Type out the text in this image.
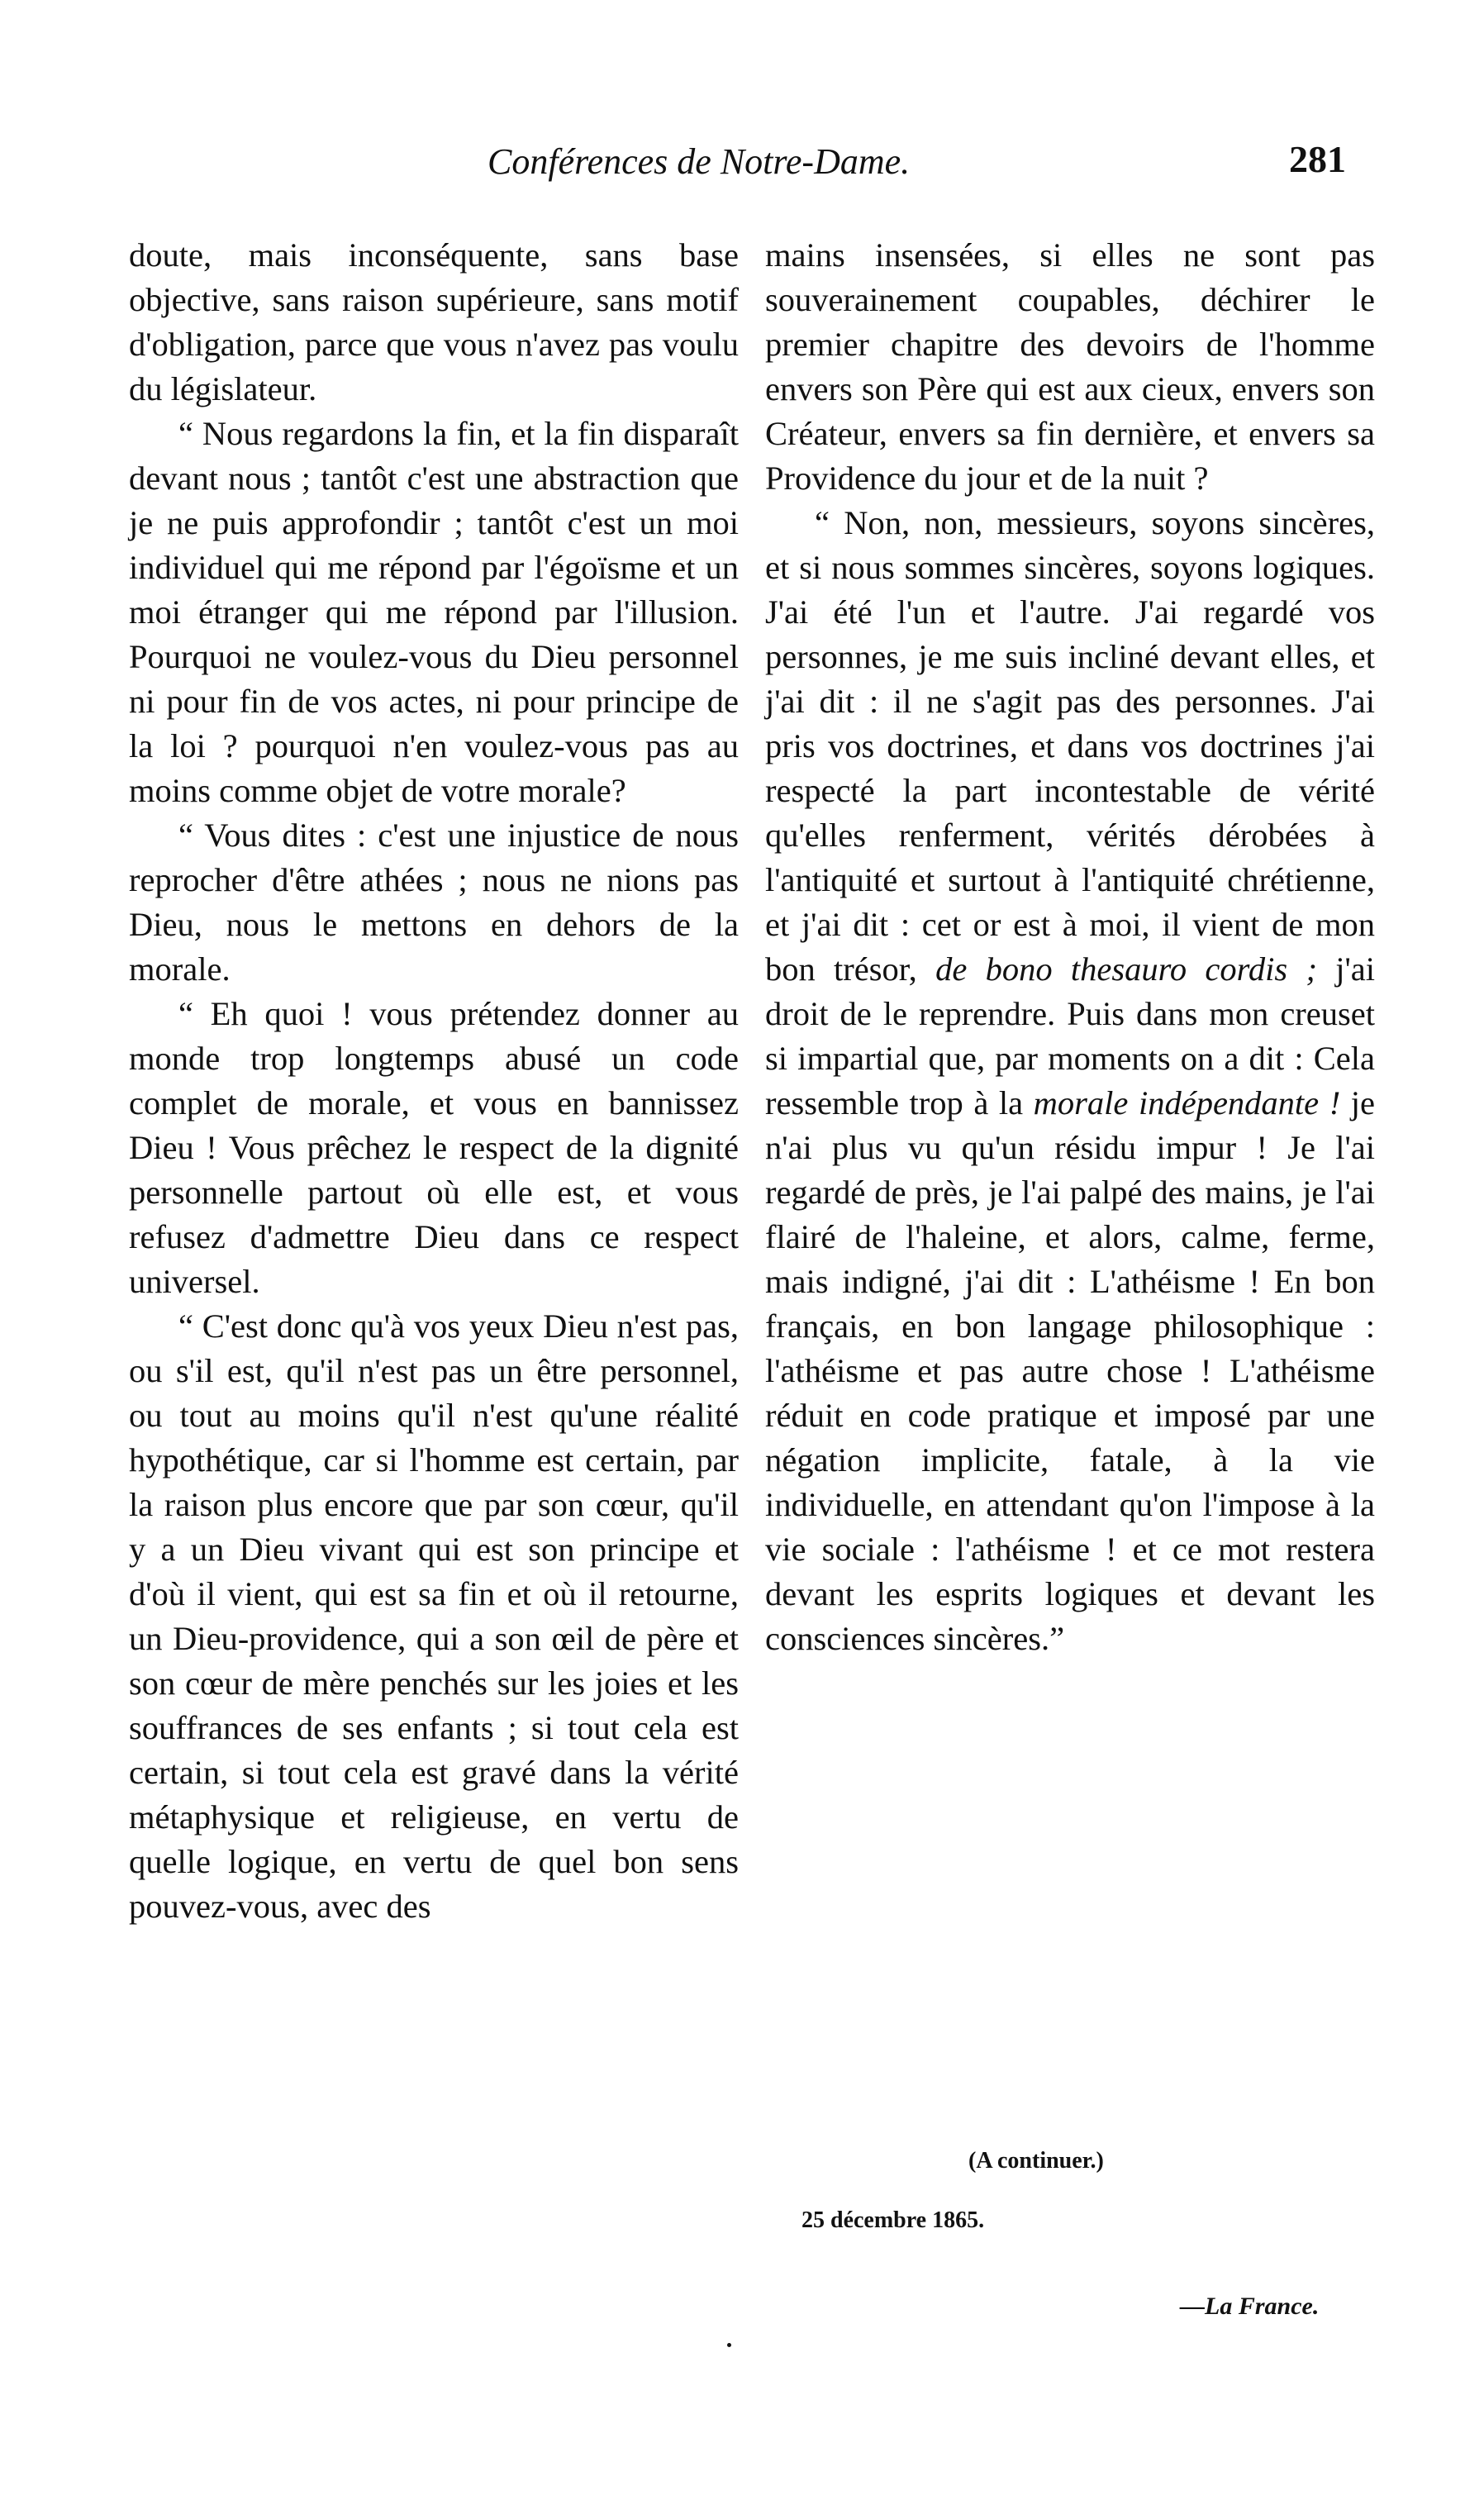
Conférences de Notre-Dame.	281

doute, mais inconséquente, sans base objective, sans raison supérieure, sans motif d'obligation, parce que vous n'avez pas voulu du législateur.

“ Nous regardons la fin, et la fin disparaît devant nous ; tantôt c'est une abstraction que je ne puis approfondir ; tantôt c'est un moi individuel qui me répond par l'égoïsme et un moi étranger qui me répond par l'illusion. Pourquoi ne voulez-vous du Dieu personnel ni pour fin de vos actes, ni pour principe de la loi ? pourquoi n'en voulez-vous pas au moins comme objet de votre morale?

“ Vous dites : c'est une injustice de nous reprocher d'être athées ; nous ne nions pas Dieu, nous le mettons en dehors de la morale.

“ Eh quoi ! vous prétendez donner au monde trop longtemps abusé un code complet de morale, et vous en bannissez Dieu ! Vous prêchez le respect de la dignité personnelle partout où elle est, et vous refusez d'admettre Dieu dans ce respect universel.

“ C'est donc qu'à vos yeux Dieu n'est pas, ou s'il est, qu'il n'est pas un être personnel, ou tout au moins qu'il n'est qu'une réalité hypothétique, car si l'homme est certain, par la raison plus encore que par son cœur, qu'il y a un Dieu vivant qui est son principe et d'où il vient, qui est sa fin et où il retourne, un Dieu-providence, qui a son œil de père et son cœur de mère penchés sur les joies et les souffrances de ses enfants ; si tout cela est certain, si tout cela est gravé dans la vérité métaphysique et religieuse, en vertu de quelle logique, en vertu de quel bon sens pouvez-vous, avec des

mains insensées, si elles ne sont pas souverainement coupables, déchirer le premier chapitre des devoirs de l'homme envers son Père qui est aux cieux, envers son Créateur, envers sa fin dernière, et envers sa Providence du jour et de la nuit ?

“ Non, non, messieurs, soyons sincères, et si nous sommes sincères, soyons logiques. J'ai été l'un et l'autre. J'ai regardé vos personnes, je me suis incliné devant elles, et j'ai dit : il ne s'agit pas des personnes. J'ai pris vos doctrines, et dans vos doctrines j'ai respecté la part incontestable de vérité qu'elles renferment, vérités dérobées à l'antiquité et surtout à l'antiquité chrétienne, et j'ai dit : cet or est à moi, il vient de mon bon trésor, de bono thesauro cordis ; j'ai droit de le reprendre. Puis dans mon creuset si impartial que, par moments on a dit : Cela ressemble trop à la morale indépendante ! je n'ai plus vu qu'un résidu impur ! Je l'ai regardé de près, je l'ai palpé des mains, je l'ai flairé de l'haleine, et alors, calme, ferme, mais indigné, j'ai dit : L'athéisme ! En bon français, en bon langage philosophique : l'athéisme et pas autre chose ! L'athéisme réduit en code pratique et imposé par une négation implicite, fatale, à la vie individuelle, en attendant qu'on l'impose à la vie sociale : l'athéisme ! et ce mot restera devant les esprits logiques et devant les consciences sincères.”

(A continuer.)
25 décembre 1865.
—La France.
